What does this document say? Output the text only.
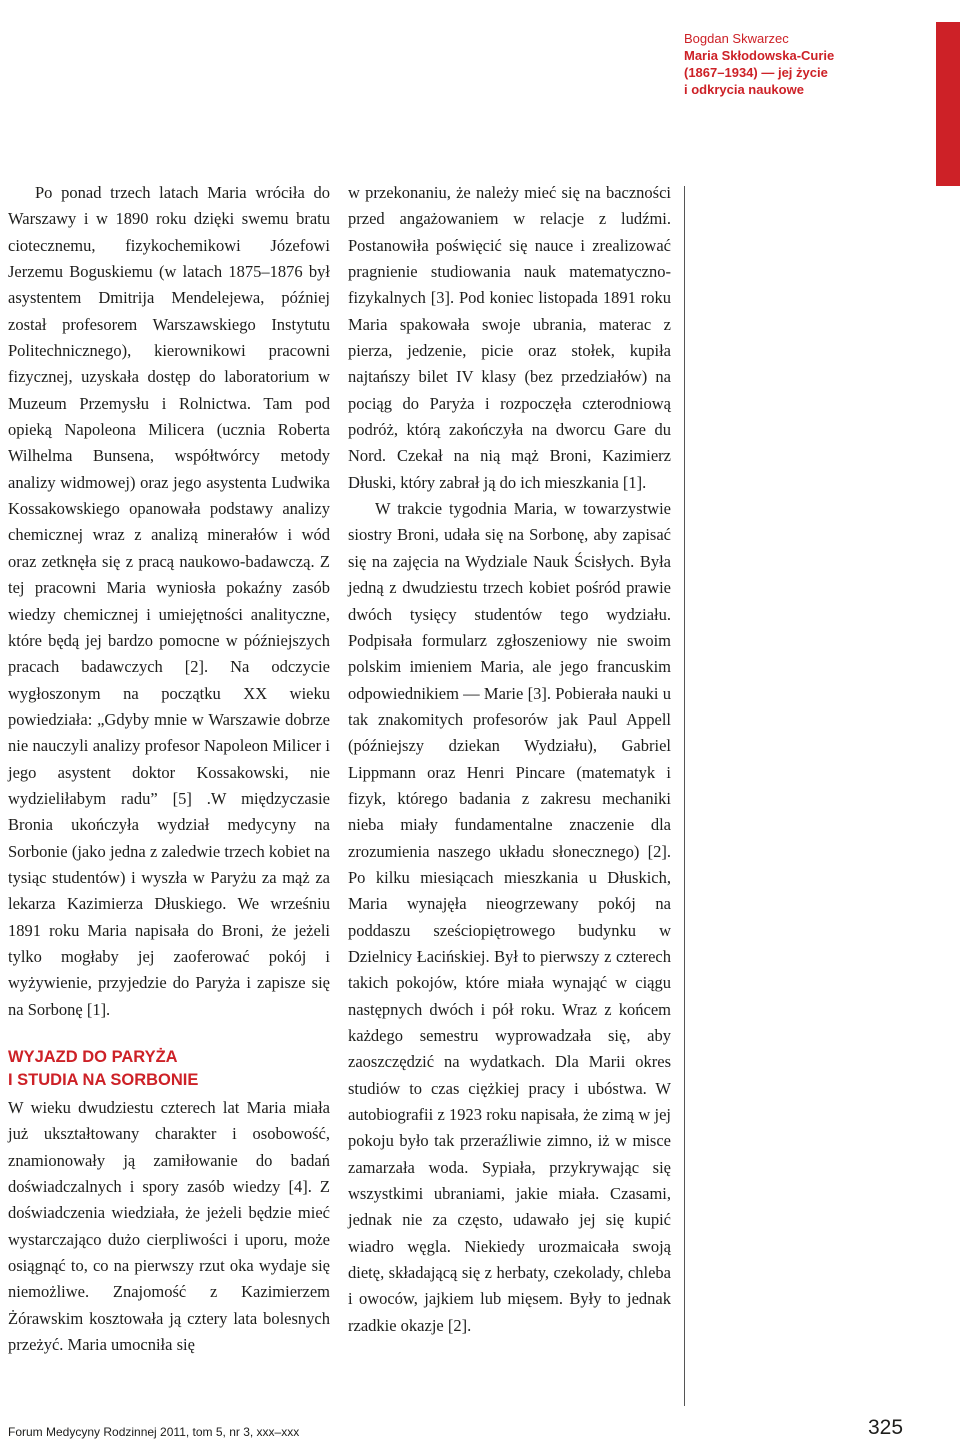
Bogdan Skwarzec
Maria Skłodowska-Curie
(1867–1934) — jej życie
i odkrycia naukowe

Po ponad trzech latach Maria wróciła do Warszawy i w 1890 roku dzięki swemu bratu ciotecznemu, fizykochemikowi Józefowi Jerzemu Boguskiemu (w latach 1875–1876 był asystentem Dmitrija Mendelejewa, później został profesorem Warszawskiego Instytutu Politechnicznego), kierownikowi pracowni fizycznej, uzyskała dostęp do laboratorium w Muzeum Przemysłu i Rolnictwa. Tam pod opieką Napoleona Milicera (ucznia Roberta Wilhelma Bunsena, współtwórcy metody analizy widmowej) oraz jego asystenta Ludwika Kossakowskiego opanowała podstawy analizy chemicznej wraz z analizą minerałów i wód oraz zetknęła się z pracą naukowo-badawczą. Z tej pracowni Maria wyniosła pokaźny zasób wiedzy chemicznej i umiejętności analityczne, które będą jej bardzo pomocne w późniejszych pracach badawczych [2]. Na odczycie wygłoszonym na początku XX wieku powiedziała: „Gdyby mnie w Warszawie dobrze nie nauczyli analizy profesor Napoleon Milicer i jego asystent doktor Kossakowski, nie wydzieliłabym radu” [5] .W międzyczasie Bronia ukończyła wydział medycyny na Sorbonie (jako jedna z zaledwie trzech kobiet na tysiąc studentów) i wyszła w Paryżu za mąż za lekarza Kazimierza Dłuskiego. We wrześniu 1891 roku Maria napisała do Broni, że jeżeli tylko mogłaby jej zaoferować pokój i wyżywienie, przyjedzie do Paryża i zapisze się na Sorbonę [1].

WYJAZD DO PARYŻA
I STUDIA NA SORBONIE

W wieku dwudziestu czterech lat Maria miała już ukształtowany charakter i osobowość, znamionowały ją zamiłowanie do badań doświadczalnych i spory zasób wiedzy [4]. Z doświadczenia wiedziała, że jeżeli będzie mieć wystarczająco dużo cierpliwości i uporu, może osiągnąć to, co na pierwszy rzut oka wydaje się niemożliwe. Znajomość z Kazimierzem Żórawskim kosztowała ją cztery lata bolesnych przeżyć. Maria umocniła się

w przekonaniu, że należy mieć się na baczności przed angażowaniem w relacje z ludźmi. Postanowiła poświęcić się nauce i zrealizować pragnienie studiowania nauk matematyczno-fizykalnych [3]. Pod koniec listopada 1891 roku Maria spakowała swoje ubrania, materac z pierza, jedzenie, picie oraz stołek, kupiła najtańszy bilet IV klasy (bez przedziałów) na pociąg do Paryża i rozpoczęła czterodniową podróż, którą zakończyła na dworcu Gare du Nord. Czekał na nią mąż Broni, Kazimierz Dłuski, który zabrał ją do ich mieszkania [1].

W trakcie tygodnia Maria, w towarzystwie siostry Broni, udała się na Sorbonę, aby zapisać się na zajęcia na Wydziale Nauk Ścisłych. Była jedną z dwudziestu trzech kobiet pośród prawie dwóch tysięcy studentów tego wydziału. Podpisała formularz zgłoszeniowy nie swoim polskim imieniem Maria, ale jego francuskim odpowiednikiem — Marie [3]. Pobierała nauki u tak znakomitych profesorów jak Paul Appell (późniejszy dziekan Wydziału), Gabriel Lippmann oraz Henri Pincare (matematyk i fizyk, którego badania z zakresu mechaniki nieba miały fundamentalne znaczenie dla zrozumienia naszego układu słonecznego) [2]. Po kilku miesiącach mieszkania u Dłuskich, Maria wynajęła nieogrzewany pokój na poddaszu sześciopiętrowego budynku w Dzielnicy Łacińskiej. Był to pierwszy z czterech takich pokojów, które miała wynająć w ciągu następnych dwóch i pół roku. Wraz z końcem każdego semestru wyprowadzała się, aby zaoszczędzić na wydatkach. Dla Marii okres studiów to czas ciężkiej pracy i ubóstwa. W autobiografii z 1923 roku napisała, że zimą w jej pokoju było tak przeraźliwie zimno, iż w misce zamarzała woda. Sypiała, przykrywając się wszystkimi ubraniami, jakie miała. Czasami, jednak nie za często, udawało jej się kupić wiadro węgla. Niekiedy urozmaicała swoją dietę, składającą się z herbaty, czekolady, chleba i owoców, jajkiem lub mięsem. Były to jednak rzadkie okazje [2].

Forum Medycyny Rodzinnej 2011, tom 5, nr 3, xxx–xxx	325
